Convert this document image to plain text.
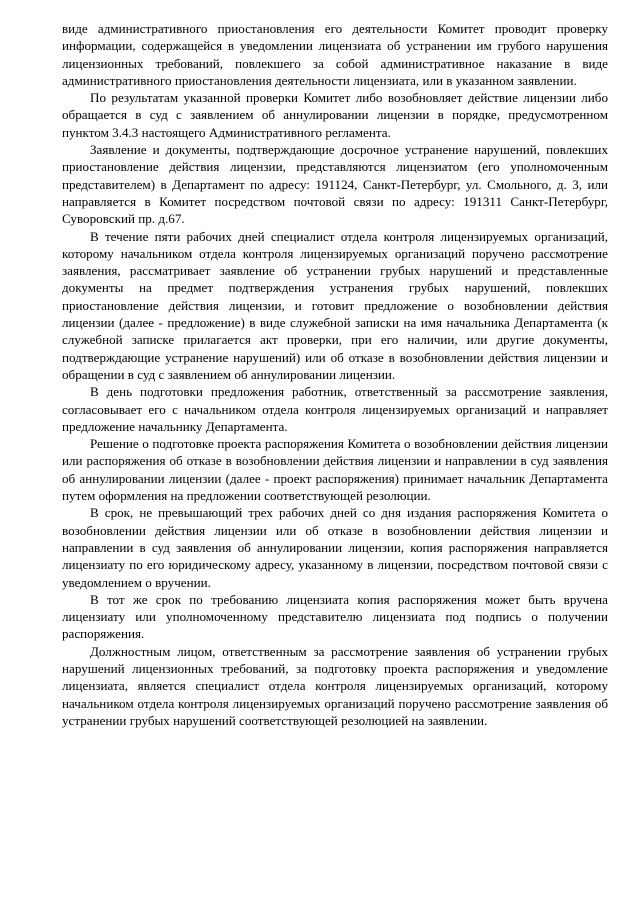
виде административного приостановления его деятельности Комитет проводит проверку информации, содержащейся в уведомлении лицензиата об устранении им грубого нарушения лицензионных требований, повлекшего за собой административное наказание в виде административного приостановления деятельности лицензиата, или в указанном заявлении.

По результатам указанной проверки Комитет либо возобновляет действие лицензии либо обращается в суд с заявлением об аннулировании лицензии в порядке, предусмотренном пунктом 3.4.3 настоящего Административного регламента.

Заявление и документы, подтверждающие досрочное устранение нарушений, повлекших приостановление действия лицензии, представляются лицензиатом (его уполномоченным представителем) в Департамент по адресу: 191124, Санкт-Петербург, ул. Смольного, д. 3, или направляется в Комитет посредством почтовой связи по адресу: 191311 Санкт-Петербург, Суворовский пр. д.67.

В течение пяти рабочих дней специалист отдела контроля лицензируемых организаций, которому начальником отдела контроля лицензируемых организаций поручено рассмотрение заявления, рассматривает заявление об устранении грубых нарушений и представленные документы на предмет подтверждения устранения грубых нарушений, повлекших приостановление действия лицензии, и готовит предложение о возобновлении действия лицензии (далее - предложение) в виде служебной записки на имя начальника Департамента (к служебной записке прилагается акт проверки, при его наличии, или другие документы, подтверждающие устранение нарушений) или об отказе в возобновлении действия лицензии и обращении в суд с заявлением об аннулировании лицензии.

В день подготовки предложения работник, ответственный за рассмотрение заявления, согласовывает его с начальником отдела контроля лицензируемых организаций и направляет предложение начальнику Департамента.

Решение о подготовке проекта распоряжения Комитета о возобновлении действия лицензии или распоряжения об отказе в возобновлении действия лицензии и направлении в суд заявления об аннулировании лицензии (далее - проект распоряжения) принимает начальник Департамента путем оформления на предложении соответствующей резолюции.

В срок, не превышающий трех рабочих дней со дня издания распоряжения Комитета о возобновлении действия лицензии или об отказе в возобновлении действия лицензии и направлении в суд заявления об аннулировании лицензии, копия распоряжения направляется лицензиату по его юридическому адресу, указанному в лицензии, посредством почтовой связи с уведомлением о вручении.

В тот же срок по требованию лицензиата копия распоряжения может быть вручена лицензиату или уполномоченному представителю лицензиата под подпись о получении распоряжения.

Должностным лицом, ответственным за рассмотрение заявления об устранении грубых нарушений лицензионных требований, за подготовку проекта распоряжения и уведомление лицензиата, является специалист отдела контроля лицензируемых организаций, которому начальником отдела контроля лицензируемых организаций поручено рассмотрение заявления об устранении грубых нарушений соответствующей резолюцией на заявлении.
